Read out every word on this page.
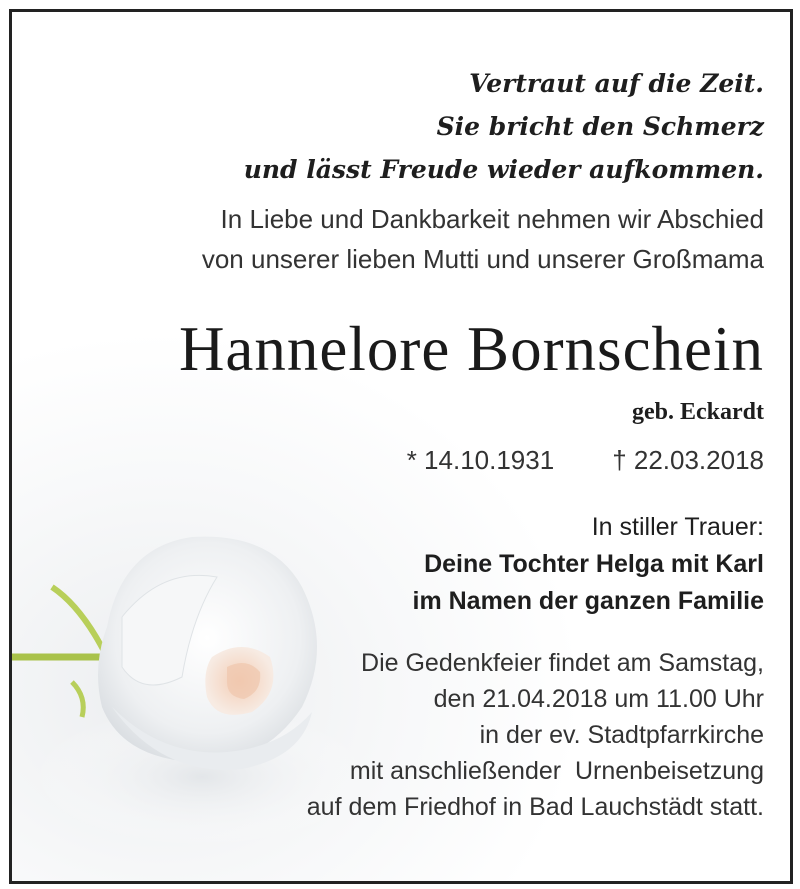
Vertraut auf die Zeit.
Sie bricht den Schmerz
und lässt Freude wieder aufkommen.
In Liebe und Dankbarkeit nehmen wir Abschied
von unserer lieben Mutti und unserer Großmama
Hannelore Bornschein
geb. Eckardt
* 14.10.1931 † 22.03.2018
In stiller Trauer:
Deine Tochter Helga mit Karl
im Namen der ganzen Familie
Die Gedenkfeier findet am Samstag,
den 21.04.2018 um 11.00 Uhr
in der ev. Stadtpfarrkirche
mit anschließender  Urnenbeisetzung
auf dem Friedhof in Bad Lauchstädt statt.
